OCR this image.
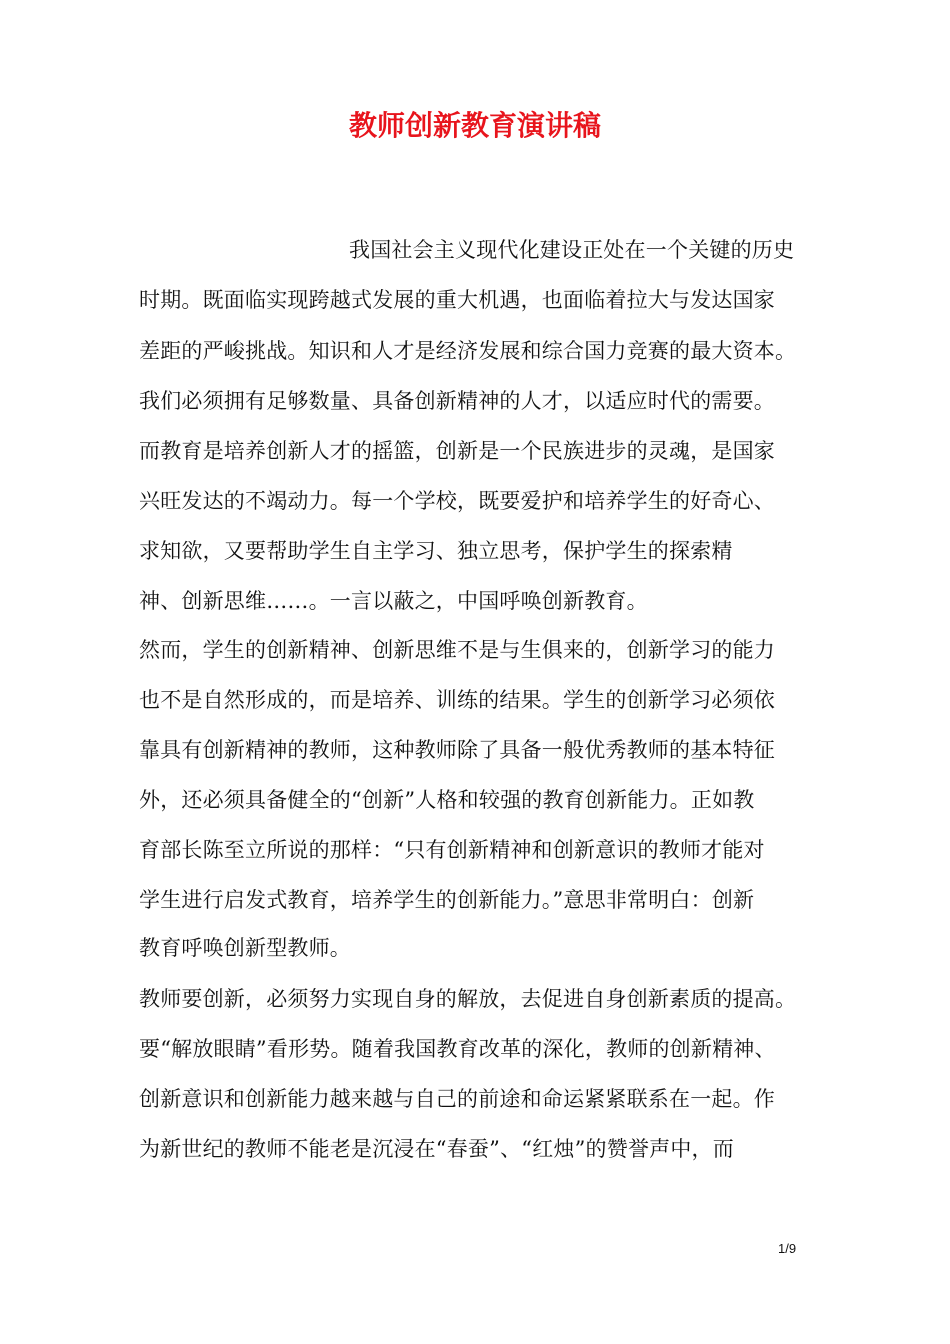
教师创新教育演讲稿
我国社会主义现代化建设正处在一个关键的历史
时期。既面临实现跨越式发展的重大机遇，也面临着拉大与发达国家
差距的严峻挑战。知识和人才是经济发展和综合国力竞赛的最大资本。
我们必须拥有足够数量、具备创新精神的人才，以适应时代的需要。
而教育是培养创新人才的摇篮，创新是一个民族进步的灵魂，是国家
兴旺发达的不竭动力。每一个学校，既要爱护和培养学生的好奇心、
求知欲，又要帮助学生自主学习、独立思考，保护学生的探索精
神、创新思维……。一言以蔽之，中国呼唤创新教育。
然而，学生的创新精神、创新思维不是与生俱来的，创新学习的能力
也不是自然形成的，而是培养、训练的结果。学生的创新学习必须依
靠具有创新精神的教师，这种教师除了具备一般优秀教师的基本特征
外，还必须具备健全的“创新”人格和较强的教育创新能力。正如教
育部长陈至立所说的那样：“只有创新精神和创新意识的教师才能对
学生进行启发式教育，培养学生的创新能力。”意思非常明白：创新
教育呼唤创新型教师。
教师要创新，必须努力实现自身的解放，去促进自身创新素质的提高。
要“解放眼睛”看形势。随着我国教育改革的深化，教师的创新精神、
创新意识和创新能力越来越与自己的前途和命运紧紧联系在一起。作
为新世纪的教师不能老是沉浸在“春蚕”、“红烛”的赞誉声中，而
1/9
